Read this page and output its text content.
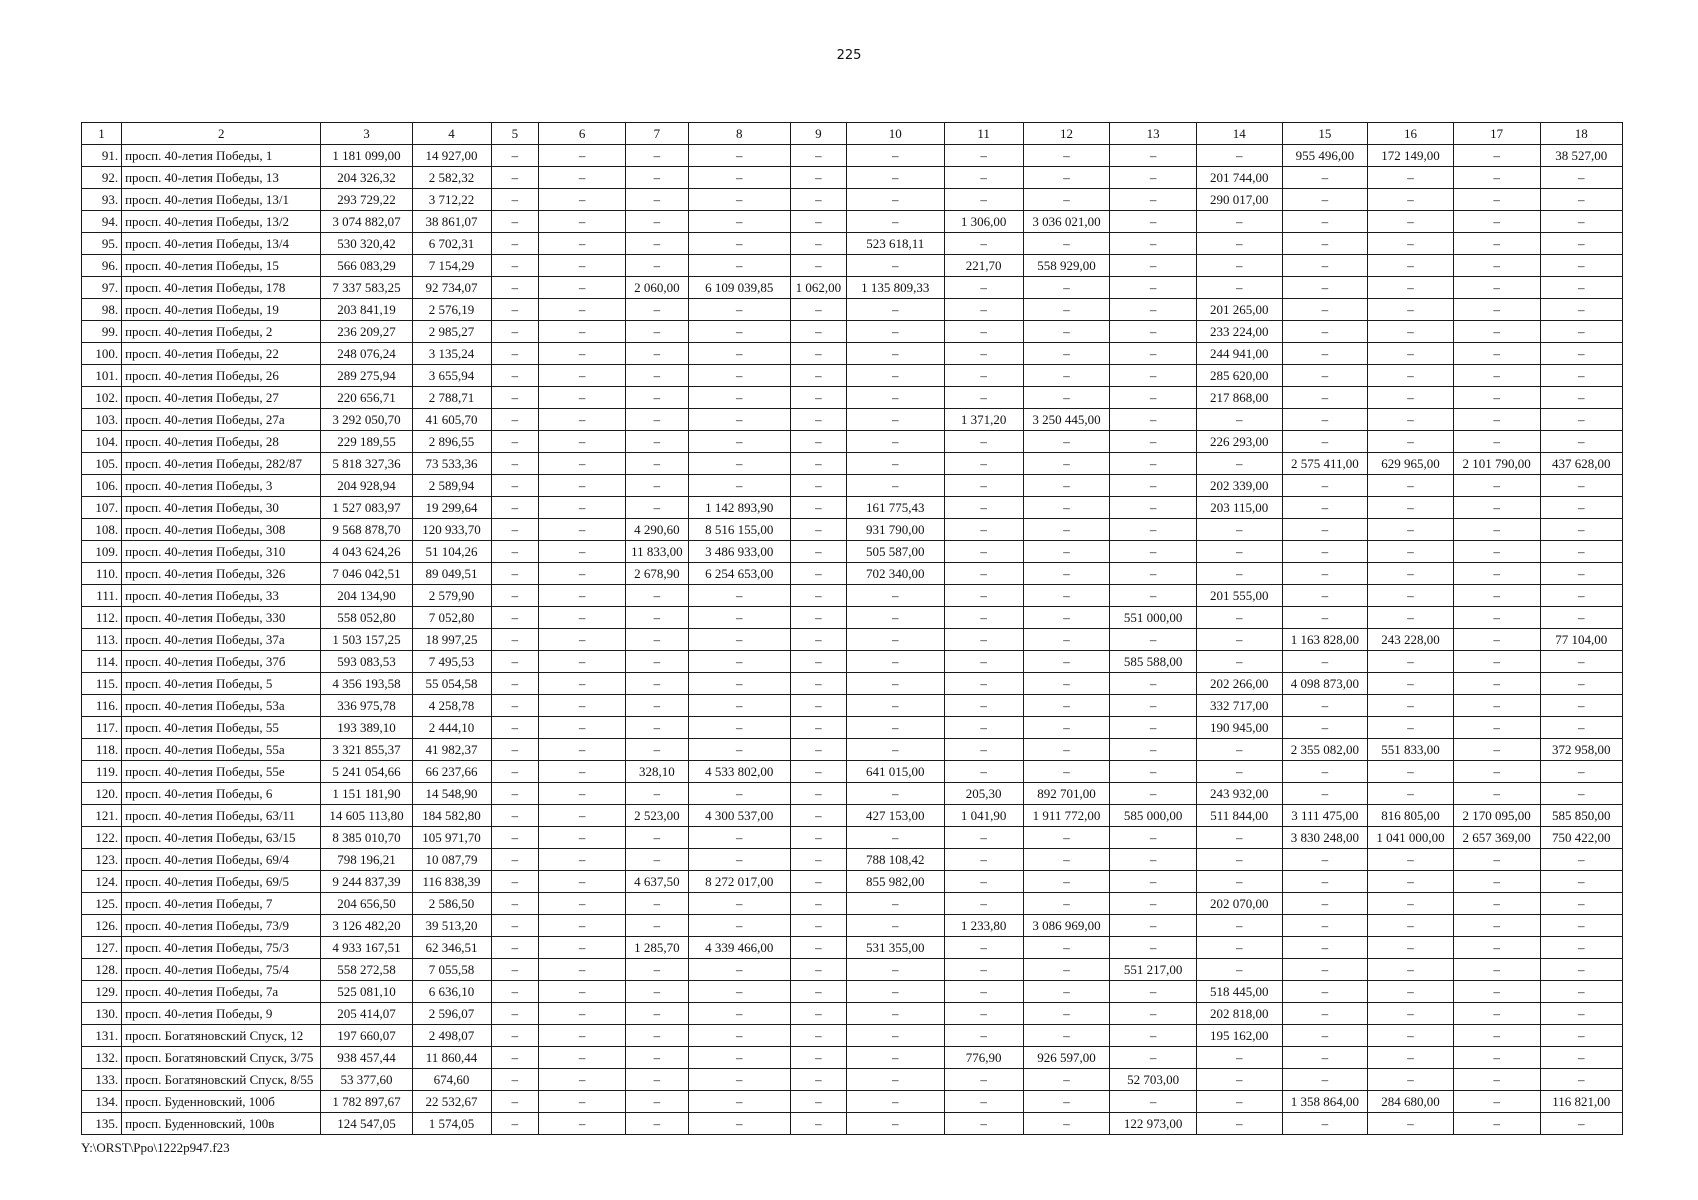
225
1	2	3	4	5	6	7	8	9	10	11	12	13	14	15	16	17	18
91.	просп. 40-летия Победы, 1	1 181 099,00	14 927,00	–	–	–	–	–	–	–	–	–	–	955 496,00	172 149,00	–	38 527,00
92.	просп. 40-летия Победы, 13	204 326,32	2 582,32	–	–	–	–	–	–	–	–	–	201 744,00	–	–	–	–
93.	просп. 40-летия Победы, 13/1	293 729,22	3 712,22	–	–	–	–	–	–	–	–	–	290 017,00	–	–	–	–
94.	просп. 40-летия Победы, 13/2	3 074 882,07	38 861,07	–	–	–	–	–	–	1 306,00	3 036 021,00	–	–	–	–	–	–
95.	просп. 40-летия Победы, 13/4	530 320,42	6 702,31	–	–	–	–	–	523 618,11	–	–	–	–	–	–	–	–
96.	просп. 40-летия Победы, 15	566 083,29	7 154,29	–	–	–	–	–	–	221,70	558 929,00	–	–	–	–	–	–
97.	просп. 40-летия Победы, 178	7 337 583,25	92 734,07	–	–	2 060,00	6 109 039,85	1 062,00	1 135 809,33	–	–	–	–	–	–	–	–
98.	просп. 40-летия Победы, 19	203 841,19	2 576,19	–	–	–	–	–	–	–	–	–	201 265,00	–	–	–	–
99.	просп. 40-летия Победы, 2	236 209,27	2 985,27	–	–	–	–	–	–	–	–	–	233 224,00	–	–	–	–
100.	просп. 40-летия Победы, 22	248 076,24	3 135,24	–	–	–	–	–	–	–	–	–	244 941,00	–	–	–	–
101.	просп. 40-летия Победы, 26	289 275,94	3 655,94	–	–	–	–	–	–	–	–	–	285 620,00	–	–	–	–
102.	просп. 40-летия Победы, 27	220 656,71	2 788,71	–	–	–	–	–	–	–	–	–	217 868,00	–	–	–	–
103.	просп. 40-летия Победы, 27а	3 292 050,70	41 605,70	–	–	–	–	–	–	1 371,20	3 250 445,00	–	–	–	–	–	–
104.	просп. 40-летия Победы, 28	229 189,55	2 896,55	–	–	–	–	–	–	–	–	–	226 293,00	–	–	–	–
105.	просп. 40-летия Победы, 282/87	5 818 327,36	73 533,36	–	–	–	–	–	–	–	–	–	–	2 575 411,00	629 965,00	2 101 790,00	437 628,00
106.	просп. 40-летия Победы, 3	204 928,94	2 589,94	–	–	–	–	–	–	–	–	–	202 339,00	–	–	–	–
107.	просп. 40-летия Победы, 30	1 527 083,97	19 299,64	–	–	–	1 142 893,90	–	161 775,43	–	–	–	203 115,00	–	–	–	–
108.	просп. 40-летия Победы, 308	9 568 878,70	120 933,70	–	–	4 290,60	8 516 155,00	–	931 790,00	–	–	–	–	–	–	–	–
109.	просп. 40-летия Победы, 310	4 043 624,26	51 104,26	–	–	11 833,00	3 486 933,00	–	505 587,00	–	–	–	–	–	–	–	–
110.	просп. 40-летия Победы, 326	7 046 042,51	89 049,51	–	–	2 678,90	6 254 653,00	–	702 340,00	–	–	–	–	–	–	–	–
111.	просп. 40-летия Победы, 33	204 134,90	2 579,90	–	–	–	–	–	–	–	–	–	201 555,00	–	–	–	–
112.	просп. 40-летия Победы, 330	558 052,80	7 052,80	–	–	–	–	–	–	–	–	551 000,00	–	–	–	–	–
113.	просп. 40-летия Победы, 37а	1 503 157,25	18 997,25	–	–	–	–	–	–	–	–	–	–	1 163 828,00	243 228,00	–	77 104,00
114.	просп. 40-летия Победы, 37б	593 083,53	7 495,53	–	–	–	–	–	–	–	–	585 588,00	–	–	–	–	–
115.	просп. 40-летия Победы, 5	4 356 193,58	55 054,58	–	–	–	–	–	–	–	–	–	202 266,00	4 098 873,00	–	–	–
116.	просп. 40-летия Победы, 53а	336 975,78	4 258,78	–	–	–	–	–	–	–	–	–	332 717,00	–	–	–	–
117.	просп. 40-летия Победы, 55	193 389,10	2 444,10	–	–	–	–	–	–	–	–	–	190 945,00	–	–	–	–
118.	просп. 40-летия Победы, 55а	3 321 855,37	41 982,37	–	–	–	–	–	–	–	–	–	–	2 355 082,00	551 833,00	–	372 958,00
119.	просп. 40-летия Победы, 55е	5 241 054,66	66 237,66	–	–	328,10	4 533 802,00	–	641 015,00	–	–	–	–	–	–	–	–
120.	просп. 40-летия Победы, 6	1 151 181,90	14 548,90	–	–	–	–	–	–	205,30	892 701,00	–	243 932,00	–	–	–	–
121.	просп. 40-летия Победы, 63/11	14 605 113,80	184 582,80	–	–	2 523,00	4 300 537,00	–	427 153,00	1 041,90	1 911 772,00	585 000,00	511 844,00	3 111 475,00	816 805,00	2 170 095,00	585 850,00
122.	просп. 40-летия Победы, 63/15	8 385 010,70	105 971,70	–	–	–	–	–	–	–	–	–	–	3 830 248,00	1 041 000,00	2 657 369,00	750 422,00
123.	просп. 40-летия Победы, 69/4	798 196,21	10 087,79	–	–	–	–	–	788 108,42	–	–	–	–	–	–	–	–
124.	просп. 40-летия Победы, 69/5	9 244 837,39	116 838,39	–	–	4 637,50	8 272 017,00	–	855 982,00	–	–	–	–	–	–	–	–
125.	просп. 40-летия Победы, 7	204 656,50	2 586,50	–	–	–	–	–	–	–	–	–	202 070,00	–	–	–	–
126.	просп. 40-летия Победы, 73/9	3 126 482,20	39 513,20	–	–	–	–	–	–	1 233,80	3 086 969,00	–	–	–	–	–	–
127.	просп. 40-летия Победы, 75/3	4 933 167,51	62 346,51	–	–	1 285,70	4 339 466,00	–	531 355,00	–	–	–	–	–	–	–	–
128.	просп. 40-летия Победы, 75/4	558 272,58	7 055,58	–	–	–	–	–	–	–	–	551 217,00	–	–	–	–	–
129.	просп. 40-летия Победы, 7а	525 081,10	6 636,10	–	–	–	–	–	–	–	–	–	518 445,00	–	–	–	–
130.	просп. 40-летия Победы, 9	205 414,07	2 596,07	–	–	–	–	–	–	–	–	–	202 818,00	–	–	–	–
131.	просп. Богатяновский Спуск, 12	197 660,07	2 498,07	–	–	–	–	–	–	–	–	–	195 162,00	–	–	–	–
132.	просп. Богатяновский Спуск, 3/75	938 457,44	11 860,44	–	–	–	–	–	–	776,90	926 597,00	–	–	–	–	–	–
133.	просп. Богатяновский Спуск, 8/55	53 377,60	674,60	–	–	–	–	–	–	–	–	52 703,00	–	–	–	–	–
134.	просп. Буденновский, 100б	1 782 897,67	22 532,67	–	–	–	–	–	–	–	–	–	–	1 358 864,00	284 680,00	–	116 821,00
135.	просп. Буденновский, 100в	124 547,05	1 574,05	–	–	–	–	–	–	–	–	122 973,00	–	–	–	–	–
Y:\ORST\Ppo\1222p947.f23
